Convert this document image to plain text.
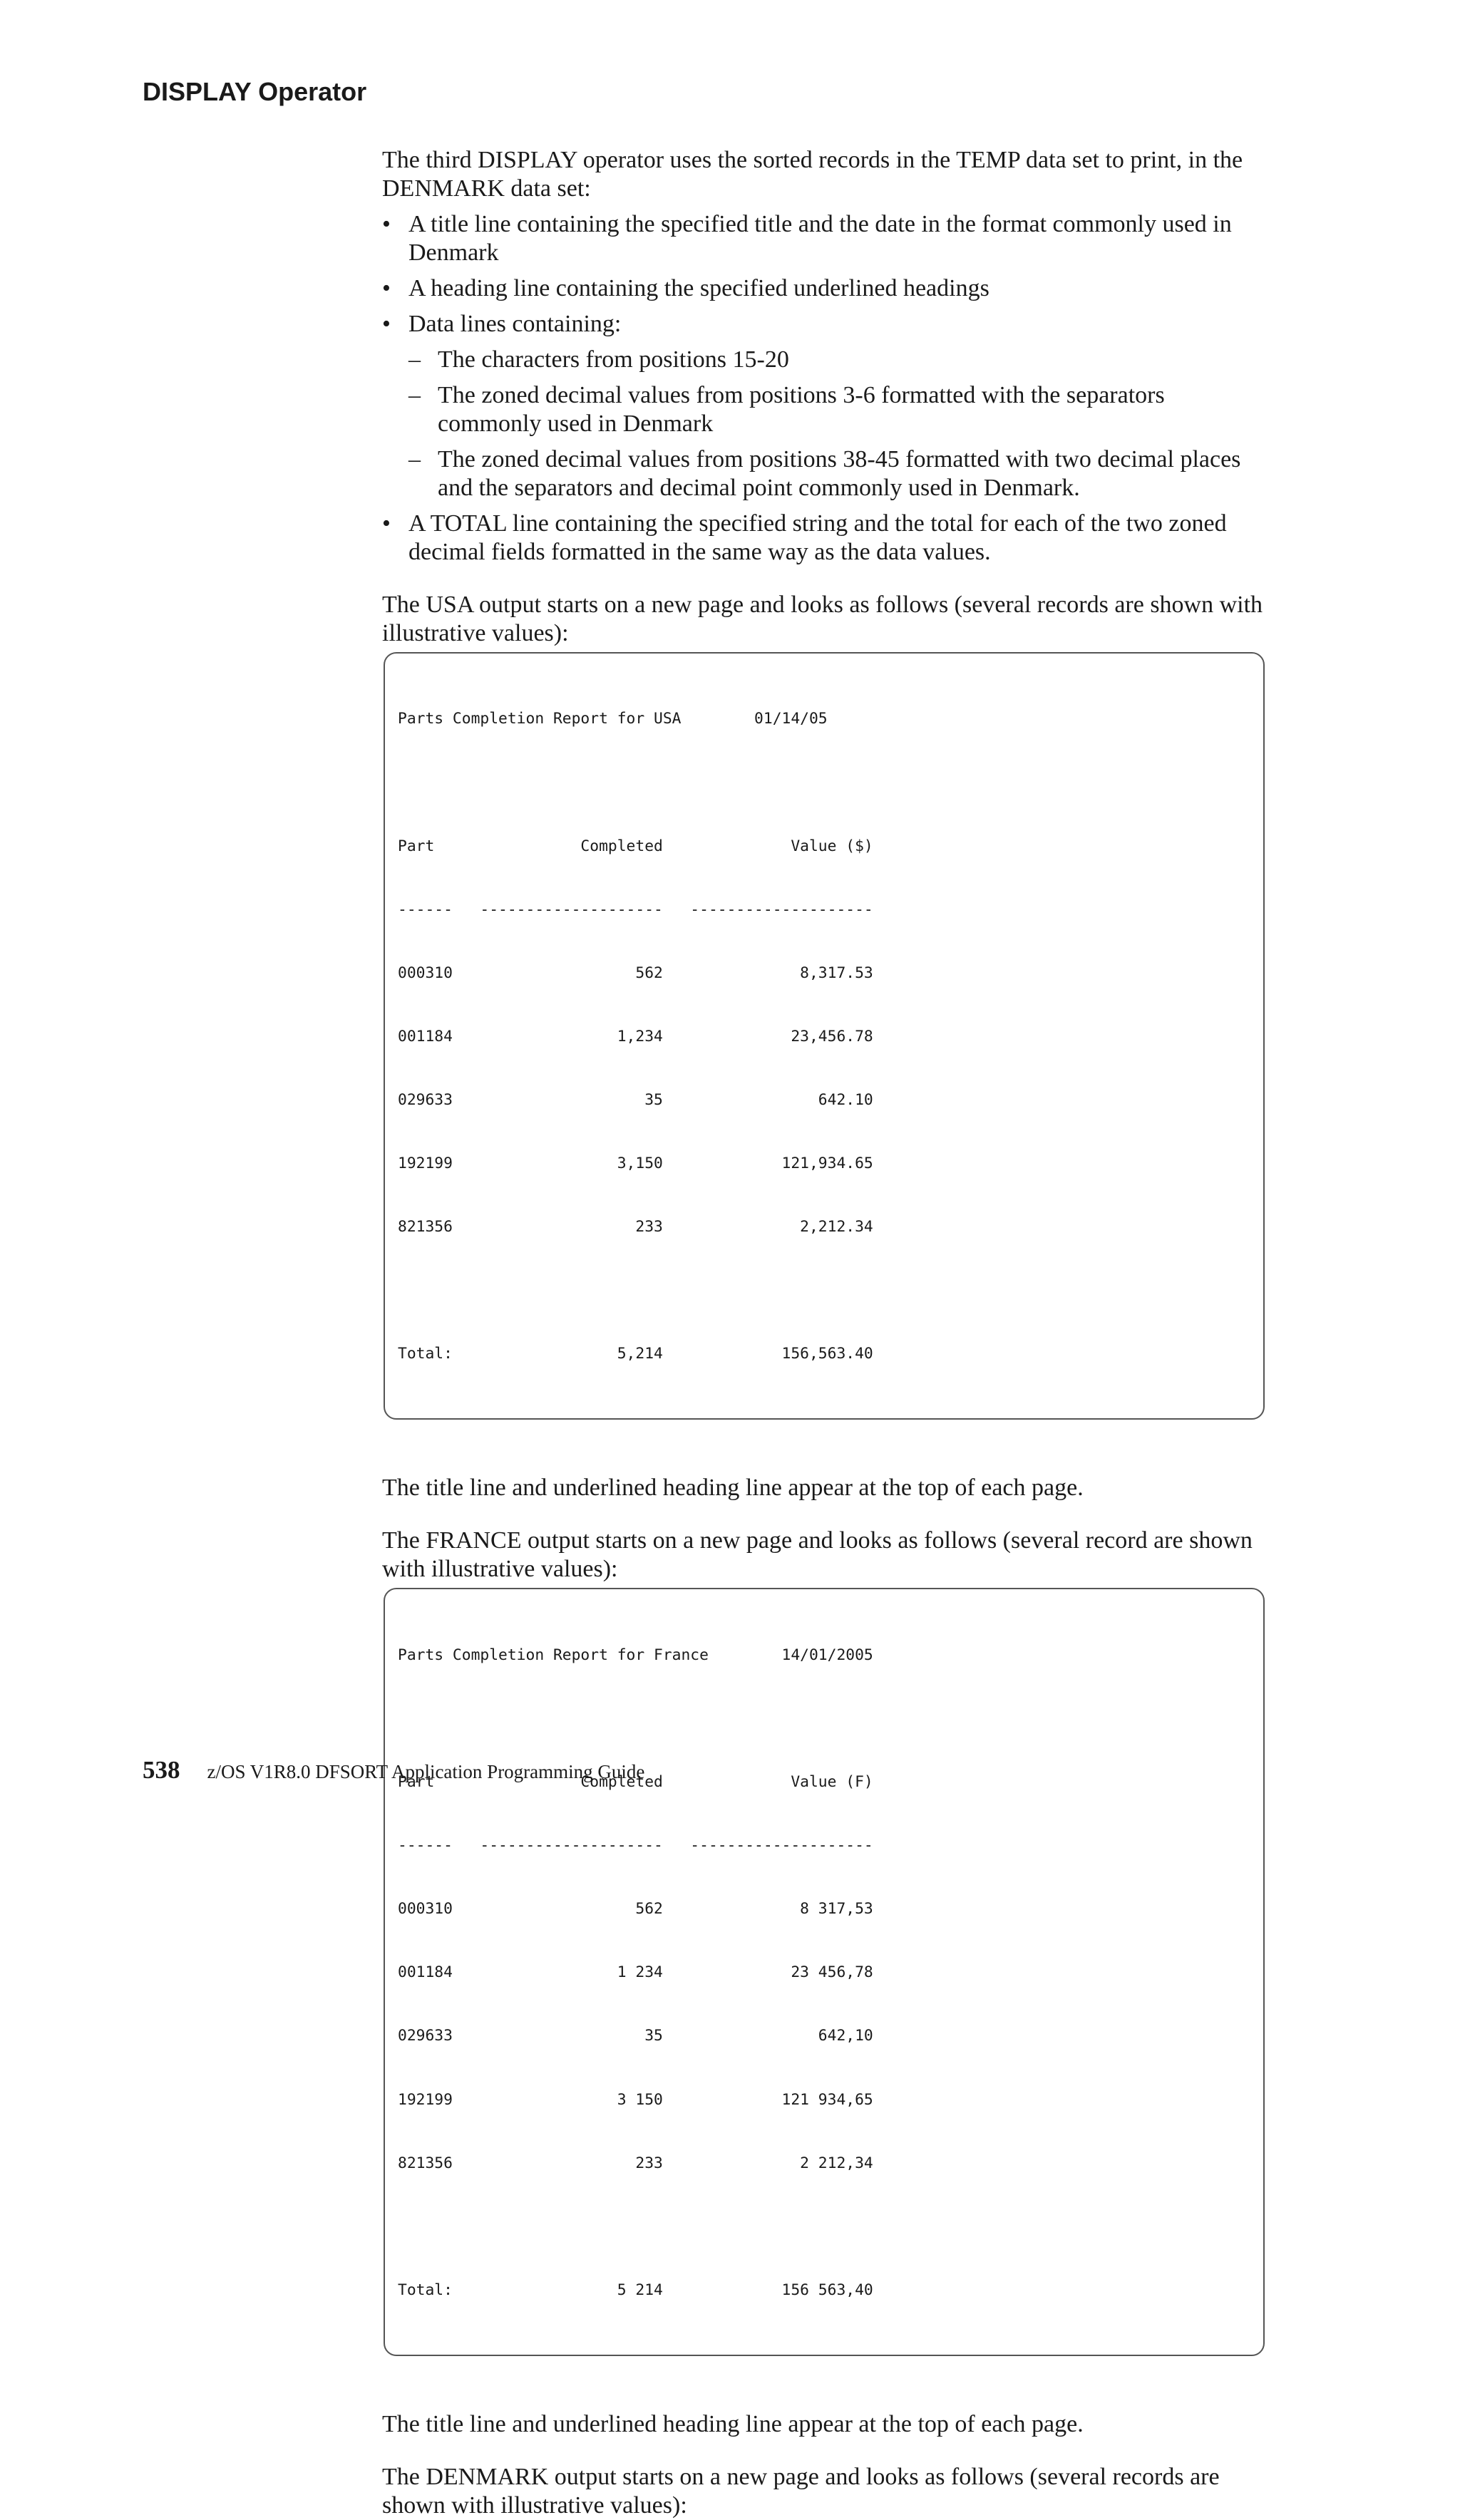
DISPLAY Operator

The third DISPLAY operator uses the sorted records in the TEMP data set to print, in the DENMARK data set:

• A title line containing the specified title and the date in the format commonly used in Denmark
• A heading line containing the specified underlined headings
• Data lines containing:
– The characters from positions 15-20
– The zoned decimal values from positions 3-6 formatted with the separators commonly used in Denmark
– The zoned decimal values from positions 38-45 formatted with two decimal places and the separators and decimal point commonly used in Denmark.
• A TOTAL line containing the specified string and the total for each of the two zoned decimal fields formatted in the same way as the data values.

The USA output starts on a new page and looks as follows (several records are shown with illustrative values):

Parts Completion Report for USA        01/14/05

Part                Completed              Value ($)

------   --------------------   --------------------

000310                    562               8,317.53

001184                  1,234              23,456.78

029633                     35                 642.10

192199                  3,150             121,934.65

821356                    233               2,212.34

Total:                  5,214             156,563.40

The title line and underlined heading line appear at the top of each page.

The FRANCE output starts on a new page and looks as follows (several record are shown with illustrative values):

Parts Completion Report for France        14/01/2005

Part                Completed              Value (F)

------   --------------------   --------------------

000310                    562               8 317,53

001184                  1 234              23 456,78

029633                     35                 642,10

192199                  3 150             121 934,65

821356                    233               2 212,34

Total:                  5 214             156 563,40

The title line and underlined heading line appear at the top of each page.

The DENMARK output starts on a new page and looks as follows (several records are shown with illustrative values):

538 z/OS V1R8.0 DFSORT Application Programming Guide
